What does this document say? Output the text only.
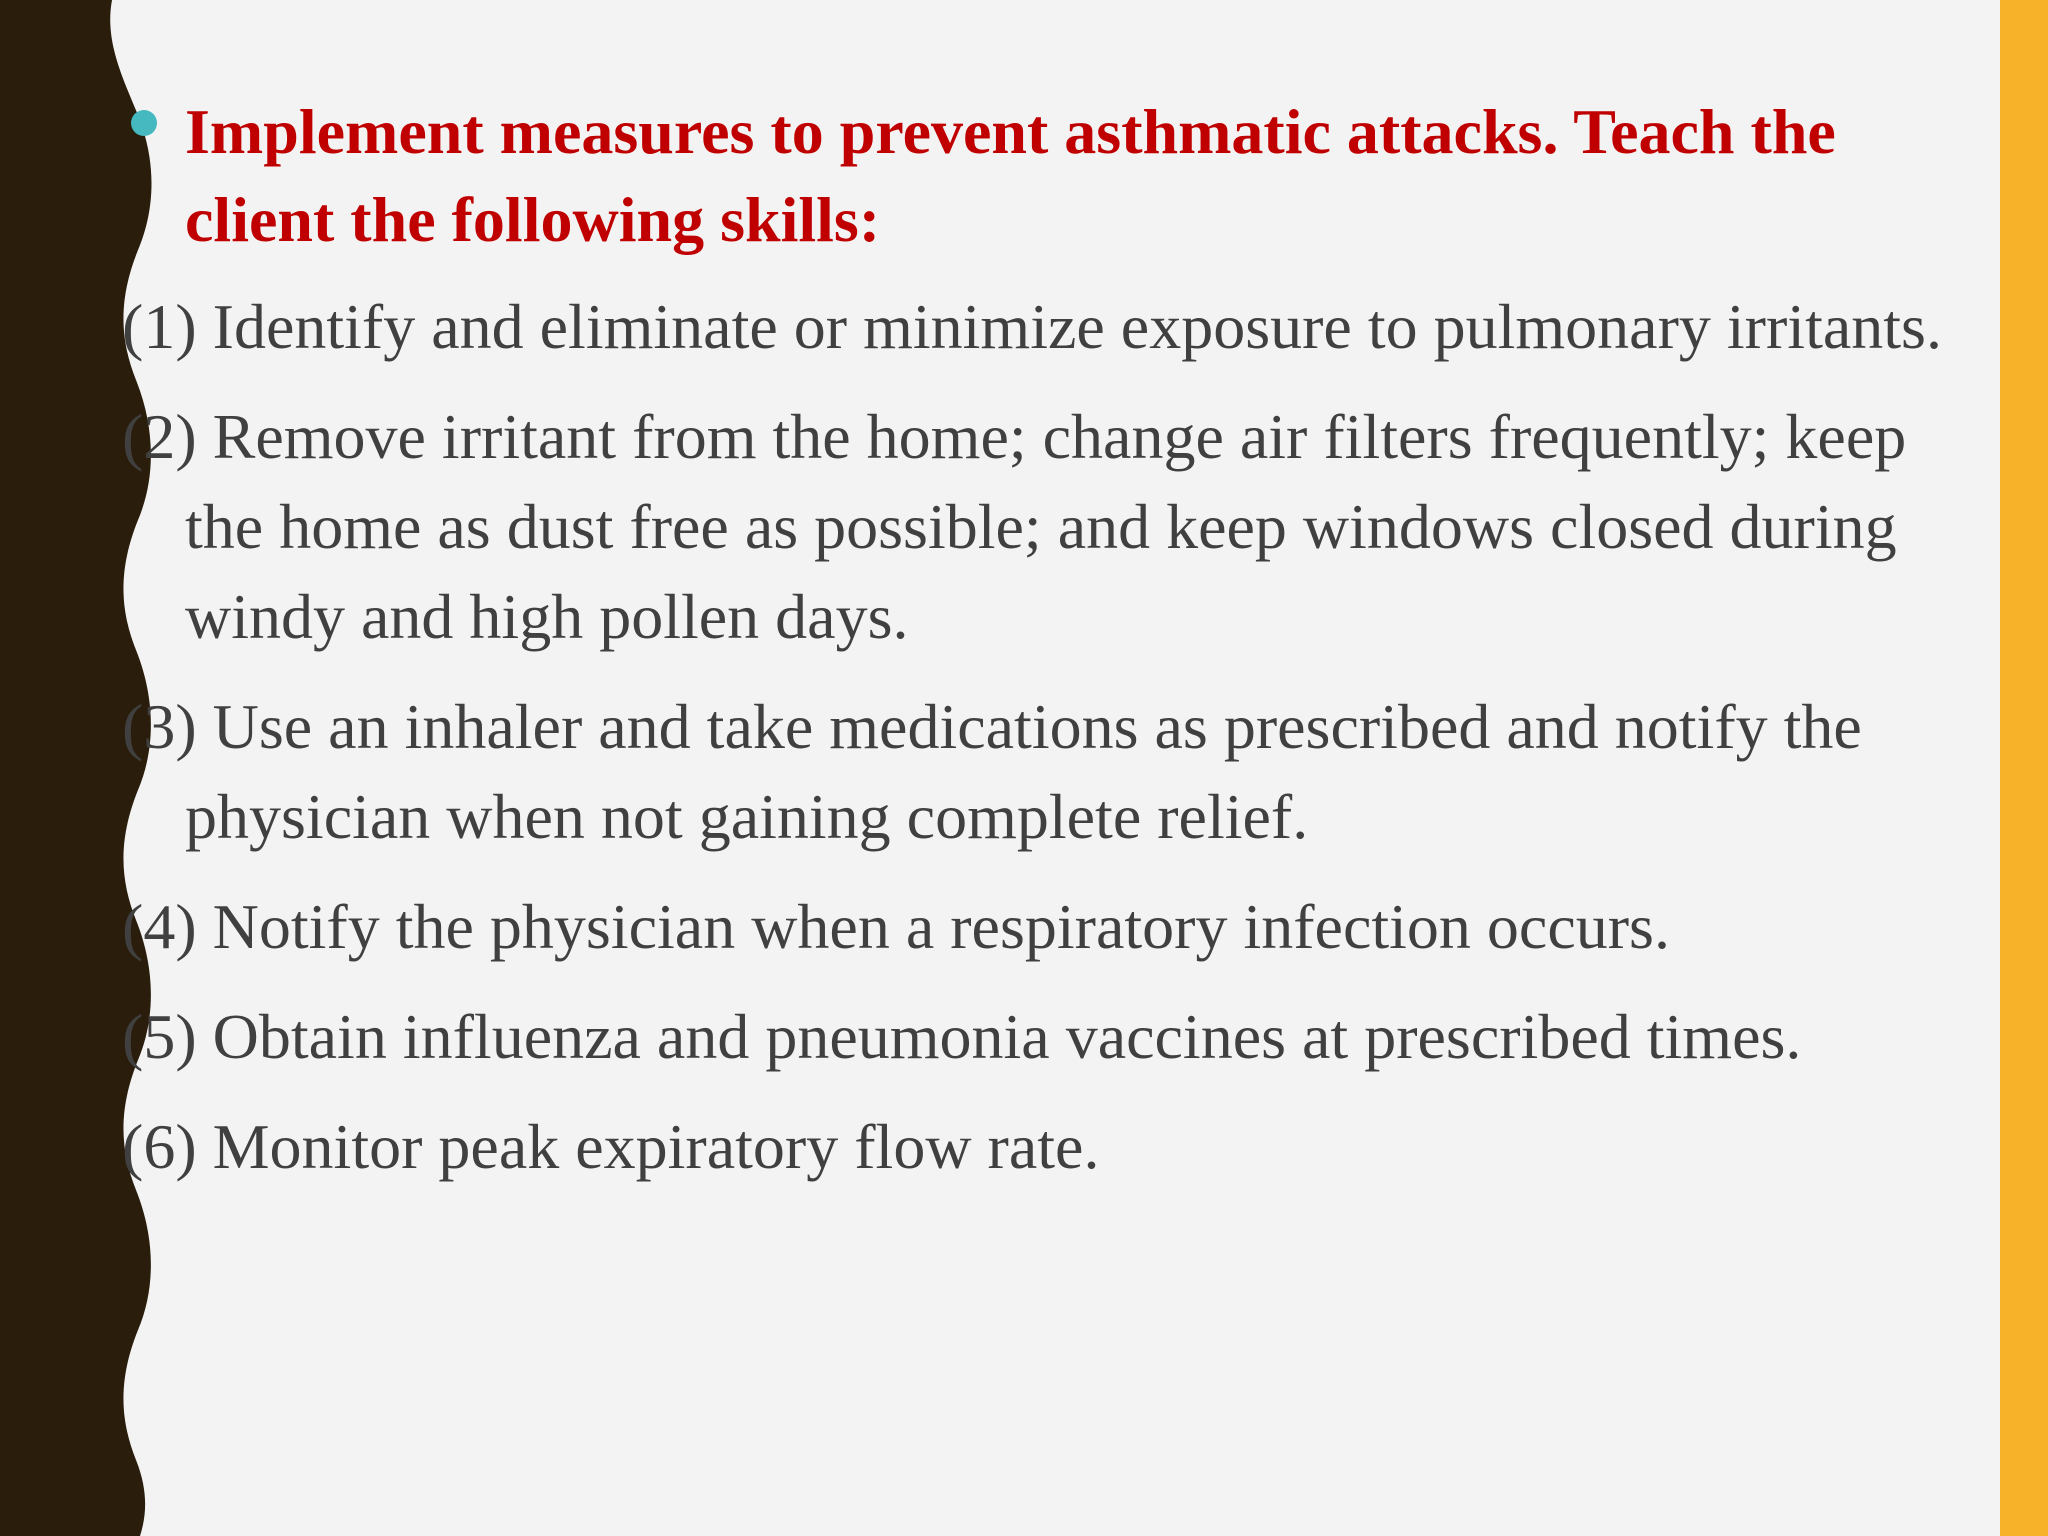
Implement measures to prevent asthmatic attacks. Teach the client the following skills:

(1) Identify and eliminate or minimize exposure to pulmonary irritants.

(2) Remove irritant from the home; change air filters frequently; keep the home as dust free as possible; and keep windows closed during windy and high pollen days.

(3) Use an inhaler and take medications as prescribed and notify the physician when not gaining complete relief.

(4) Notify the physician when a respiratory infection occurs.

(5) Obtain influenza and pneumonia vaccines at prescribed times.

(6) Monitor peak expiratory flow rate.
